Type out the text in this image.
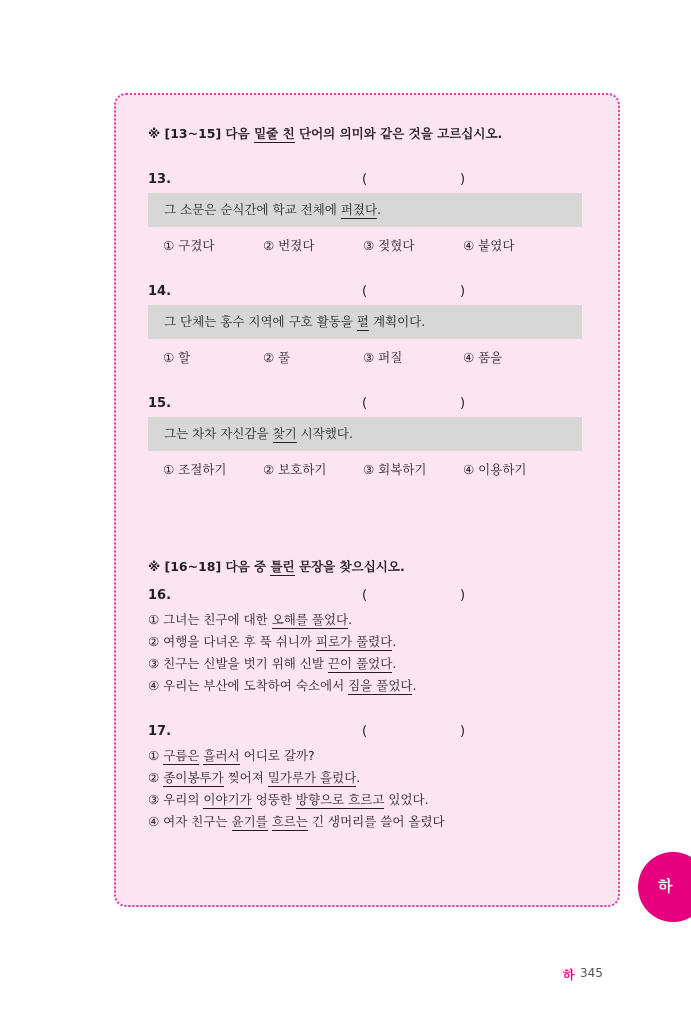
※ [13~15] 다음 밑줄 친 단어의 의미와 같은 것을 고르십시오.
13.	(	)
그 소문은 순식간에 학교 전체에 퍼졌다.
① 구겼다	② 번졌다	③ 젖혔다	④ 붙였다
14.	(	)
그 단체는 홍수 지역에 구호 활동을 펼 계획이다.
① 할	② 풀	③ 퍼질	④ 품을
15.	(	)
그는 차차 자신감을 찾기 시작했다.
① 조절하기	② 보호하기	③ 회복하기	④ 이용하기
※ [16~18] 다음 중 틀린 문장을 찾으십시오.
16.	(	)
① 그녀는 친구에 대한 오해를 풀었다.
② 여행을 다녀온 후 푹 쉬니까 피로가 풀렸다.
③ 친구는 신발을 벗기 위해 신발 끈이 풀었다.
④ 우리는 부산에 도착하여 숙소에서 짐을 풀었다.
17.	(	)
① 구름은 흘러서 어디로 갈까?
② 종이봉투가 찢어져 밀가루가 흘렀다.
③ 우리의 이야기가 엉뚱한 방향으로 흐르고 있었다.
④ 여자 친구는 윤기를 흐르는 긴 생머리를 쓸어 올렸다
하
하 345
